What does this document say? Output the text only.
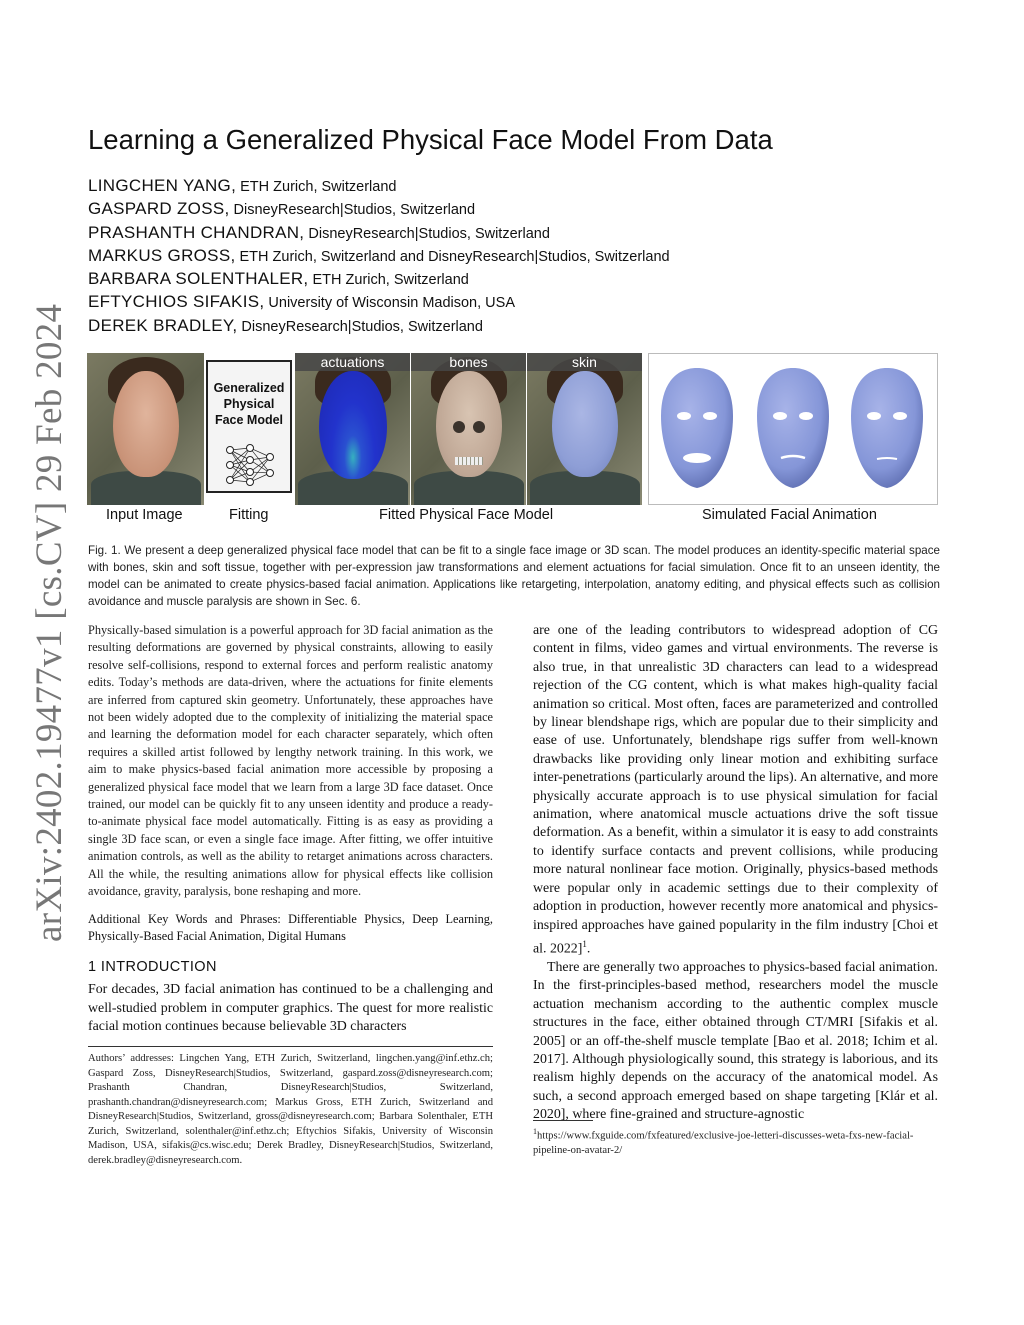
arXiv:2402.19477v1 [cs.CV] 29 Feb 2024
Learning a Generalized Physical Face Model From Data
LINGCHEN YANG, ETH Zurich, Switzerland
GASPARD ZOSS, DisneyResearch|Studios, Switzerland
PRASHANTH CHANDRAN, DisneyResearch|Studios, Switzerland
MARKUS GROSS, ETH Zurich, Switzerland and DisneyResearch|Studios, Switzerland
BARBARA SOLENTHALER, ETH Zurich, Switzerland
EFTYCHIOS SIFAKIS, University of Wisconsin Madison, USA
DEREK BRADLEY, DisneyResearch|Studios, Switzerland
Generalized
Physical
Face Model
actuations	bones	skin
Input Image	Fitting	Fitted Physical Face Model	Simulated Facial Animation

Fig. 1. We present a deep generalized physical face model that can be fit to a single face image or 3D scan. The model produces an identity-specific material space with bones, skin and soft tissue, together with per-expression jaw transformations and element actuations for facial simulation. Once fit to an unseen identity, the model can be animated to create physics-based facial animation. Applications like retargeting, interpolation, anatomy editing, and physical effects such as collision avoidance and muscle paralysis are shown in Sec. 6.

Physically-based simulation is a powerful approach for 3D facial animation as the resulting deformations are governed by physical constraints, allowing to easily resolve self-collisions, respond to external forces and perform realistic anatomy edits. Today’s methods are data-driven, where the actuations for finite elements are inferred from captured skin geometry. Unfortunately, these approaches have not been widely adopted due to the complexity of initializing the material space and learning the deformation model for each character separately, which often requires a skilled artist followed by lengthy network training. In this work, we aim to make physics-based facial animation more accessible by proposing a generalized physical face model that we learn from a large 3D face dataset. Once trained, our model can be quickly fit to any unseen identity and produce a ready-to-animate physical face model automatically. Fitting is as easy as providing a single 3D face scan, or even a single face image. After fitting, we offer intuitive animation controls, as well as the ability to retarget animations across characters. All the while, the resulting animations allow for physical effects like collision avoidance, gravity, paralysis, bone reshaping and more.

Additional Key Words and Phrases: Differentiable Physics, Deep Learning, Physically-Based Facial Animation, Digital Humans

1 INTRODUCTION

For decades, 3D facial animation has continued to be a challenging and well-studied problem in computer graphics. The quest for more realistic facial motion continues because believable 3D characters

Authors’ addresses: Lingchen Yang, ETH Zurich, Switzerland, lingchen.yang@inf.ethz.ch; Gaspard Zoss, DisneyResearch|Studios, Switzerland, gaspard.zoss@disneyresearch.com; Prashanth Chandran, DisneyResearch|Studios, Switzerland, prashanth.chandran@disneyresearch.com; Markus Gross, ETH Zurich, Switzerland and DisneyResearch|Studios, Switzerland, gross@disneyresearch.com; Barbara Solenthaler, ETH Zurich, Switzerland, solenthaler@inf.ethz.ch; Eftychios Sifakis, University of Wisconsin Madison, USA, sifakis@cs.wisc.edu; Derek Bradley, DisneyResearch|Studios, Switzerland, derek.bradley@disneyresearch.com.

are one of the leading contributors to widespread adoption of CG content in films, video games and virtual environments. The reverse is also true, in that unrealistic 3D characters can lead to a widespread rejection of the CG content, which is what makes high-quality facial animation so critical. Most often, faces are parameterized and controlled by linear blendshape rigs, which are popular due to their simplicity and ease of use. Unfortunately, blendshape rigs suffer from well-known drawbacks like providing only linear motion and exhibiting surface inter-penetrations (particularly around the lips). An alternative, and more physically accurate approach is to use physical simulation for facial animation, where anatomical muscle actuations drive the soft tissue deformation. As a benefit, within a simulator it is easy to add constraints to identify surface contacts and prevent collisions, while producing more natural nonlinear face motion. Originally, physics-based methods were popular only in academic settings due to their complexity of adoption in production, however recently more anatomical and physics-inspired approaches have gained popularity in the film industry [Choi et al. 2022]$^1$.

There are generally two approaches to physics-based facial animation. In the first-principles-based method, researchers model the muscle actuation mechanism according to the authentic complex muscle structures in the face, either obtained through CT/MRI [Sifakis et al. 2005] or an off-the-shelf muscle template [Bao et al. 2018; Ichim et al. 2017]. Although physiologically sound, this strategy is laborious, and its realism highly depends on the accuracy of the anatomical model. As such, a second approach emerged based on shape targeting [Klár et al. 2020], where fine-grained and structure-agnostic

$^1$https://www.fxguide.com/fxfeatured/exclusive-joe-letteri-discusses-weta-fxs-new-facial-pipeline-on-avatar-2/
